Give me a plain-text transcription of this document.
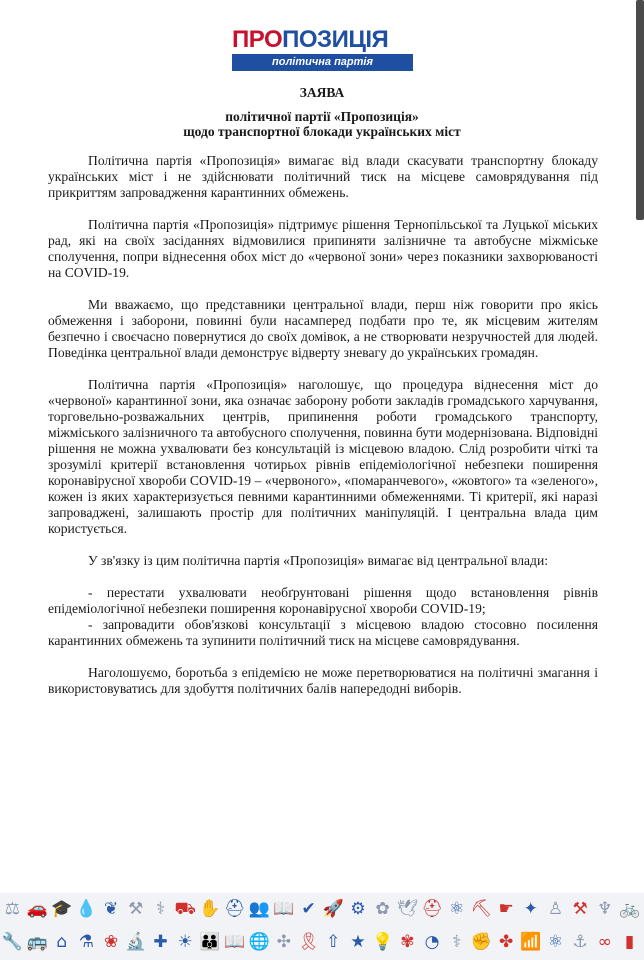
ПРОПОЗИЦІЯ
політична партія
ЗАЯВА
політичної партії «Пропозиція»
щодо транспортної блокади українських міст

Політична партія «Пропозиція» вимагає від влади скасувати транспортну блокаду українських міст і не здійснювати політичний тиск на місцеве самоврядування під прикриттям запровадження карантинних обмежень.

Політична партія «Пропозиція» підтримує рішення Тернопільської та Луцької міських рад, які на своїх засіданнях відмовилися припиняти залізничне та автобусне міжміське сполучення, попри віднесення обох міст до «червоної зони» через показники захворюваності на COVID-19.

Ми вважаємо, що представники центральної влади, перш ніж говорити про якісь обмеження і заборони, повинні були насамперед подбати про те, як місцевим жителям безпечно і своєчасно повернутися до своїх домівок, а не створювати незручностей для людей. Поведінка центральної влади демонструє відверту зневагу до українських громадян.

Політична партія «Пропозиція» наголошує, що процедура віднесення міст до «червоної» карантинної зони, яка означає заборону роботи закладів громадського харчування, торговельно-розважальних центрів, припинення роботи громадського транспорту, міжміського залізничного та автобусного сполучення, повинна бути модернізована. Відповідні рішення не можна ухвалювати без консультацій із місцевою владою. Слід розробити чіткі та зрозумілі критерії встановлення чотирьох рівнів епідеміологічної небезпеки поширення коронавірусної хвороби COVID-19 – «червоного», «помаранчевого», «жовтого» та «зеленого», кожен із яких характеризується певними карантинними обмеженнями. Ті критерії, які наразі запроваджені, залишають простір для політичних маніпуляцій. І центральна влада цим користується.

У зв'язку із цим політична партія «Пропозиція» вимагає від центральної влади:

- перестати ухвалювати необґрунтовані рішення щодо встановлення рівнів епідеміологічної небезпеки поширення коронавірусної хвороби COVID-19;

- запровадити обов'язкові консультації з місцевою владою стосовно посилення карантинних обмежень та зупинити політичний тиск на місцеве самоврядування.

Наголошуємо, боротьба з епідемією не може перетворюватися на політичні змагання і використовуватись для здобуття політичних балів напередодні виборів.

⚖ 🚗 🎓 💧 ❦ ⚒ ⚕ ⛟ ✋ ⛑ 👥 📖 ✔ 🚀 ⚙ ✿ 🕊 ⛑ ⚛ ⛏ ☛ ✦ ♙ ⚒ ♆ 🚲
🔧 🚌 ⌂ ⚗ ❀ 🔬 ✚ ☀ 👪 📖 🌐 ✣ 🎗 ⇧ ★ 💡 ✾ ◔ ⚕ ✊ ✤ 📶 ⚛ ⚓ ∞ ▮
